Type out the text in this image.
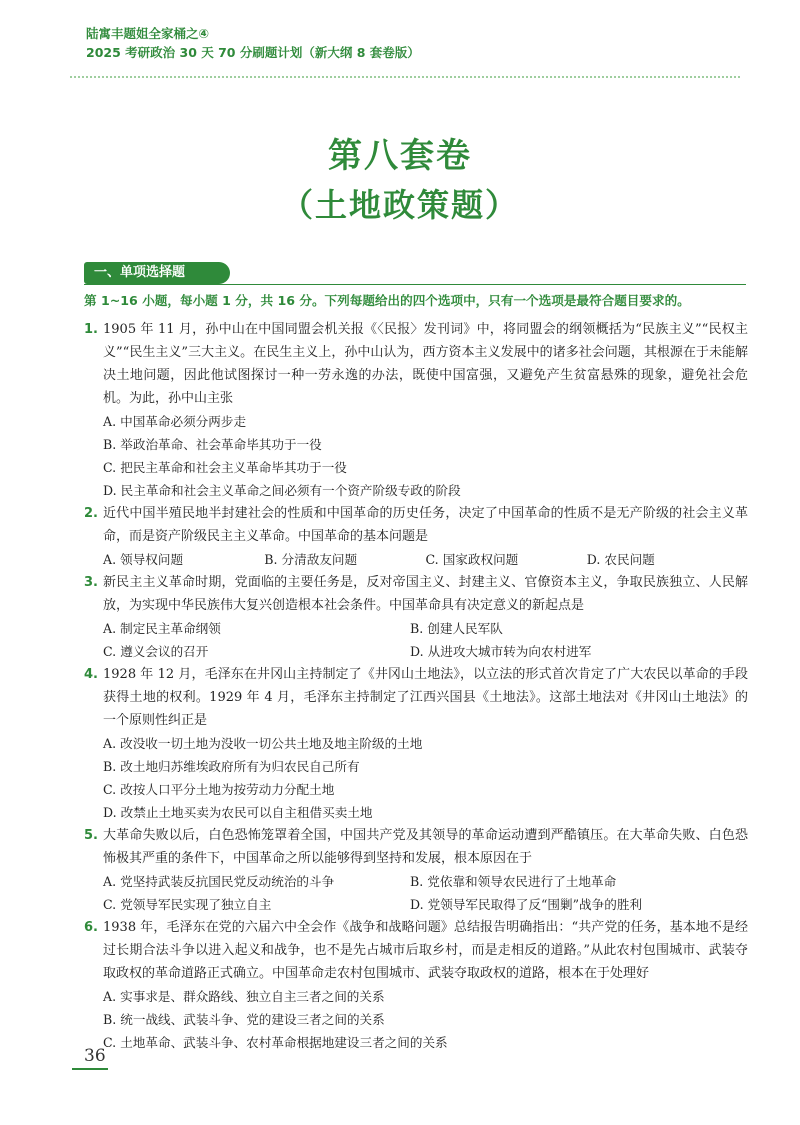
陆寓丰题姐全家桶之④
2025 考研政治 30 天 70 分刷题计划（新大纲 8 套卷版）
第八套卷
（土地政策题）
一、单项选择题
第 1~16 小题，每小题 1 分，共 16 分。下列每题给出的四个选项中，只有一个选项是最符合题目要求的。
1. 1905 年 11 月，孙中山在中国同盟会机关报《〈民报〉发刊词》中，将同盟会的纲领概括为“民族主义”“民权主义”“民生主义”三大主义。在民生主义上，孙中山认为，西方资本主义发展中的诸多社会问题，其根源在于未能解决土地问题，因此他试图探讨一种一劳永逸的办法，既使中国富强，又避免产生贫富悬殊的现象，避免社会危机。为此，孙中山主张
A. 中国革命必须分两步走
B. 举政治革命、社会革命毕其功于一役
C. 把民主革命和社会主义革命毕其功于一役
D. 民主革命和社会主义革命之间必须有一个资产阶级专政的阶段
2. 近代中国半殖民地半封建社会的性质和中国革命的历史任务，决定了中国革命的性质不是无产阶级的社会主义革命，而是资产阶级民主主义革命。中国革命的基本问题是
A. 领导权问题	B. 分清敌友问题	C. 国家政权问题	D. 农民问题
3. 新民主主义革命时期，党面临的主要任务是，反对帝国主义、封建主义、官僚资本主义，争取民族独立、人民解放，为实现中华民族伟大复兴创造根本社会条件。中国革命具有决定意义的新起点是
A. 制定民主革命纲领	B. 创建人民军队
C. 遵义会议的召开	D. 从进攻大城市转为向农村进军
4. 1928 年 12 月，毛泽东在井冈山主持制定了《井冈山土地法》，以立法的形式首次肯定了广大农民以革命的手段获得土地的权利。1929 年 4 月，毛泽东主持制定了江西兴国县《土地法》。这部土地法对《井冈山土地法》的一个原则性纠正是
A. 改没收一切土地为没收一切公共土地及地主阶级的土地
B. 改土地归苏维埃政府所有为归农民自己所有
C. 改按人口平分土地为按劳动力分配土地
D. 改禁止土地买卖为农民可以自主租借买卖土地
5. 大革命失败以后，白色恐怖笼罩着全国，中国共产党及其领导的革命运动遭到严酷镇压。在大革命失败、白色恐怖极其严重的条件下，中国革命之所以能够得到坚持和发展，根本原因在于
A. 党坚持武装反抗国民党反动统治的斗争	B. 党依靠和领导农民进行了土地革命
C. 党领导军民实现了独立自主	D. 党领导军民取得了反“围剿”战争的胜利
6. 1938 年，毛泽东在党的六届六中全会作《战争和战略问题》总结报告明确指出：“共产党的任务，基本地不是经过长期合法斗争以进入起义和战争，也不是先占城市后取乡村，而是走相反的道路。”从此农村包围城市、武装夺取政权的革命道路正式确立。中国革命走农村包围城市、武装夺取政权的道路，根本在于处理好
A. 实事求是、群众路线、独立自主三者之间的关系
B. 统一战线、武装斗争、党的建设三者之间的关系
C. 土地革命、武装斗争、农村革命根据地建设三者之间的关系
36
